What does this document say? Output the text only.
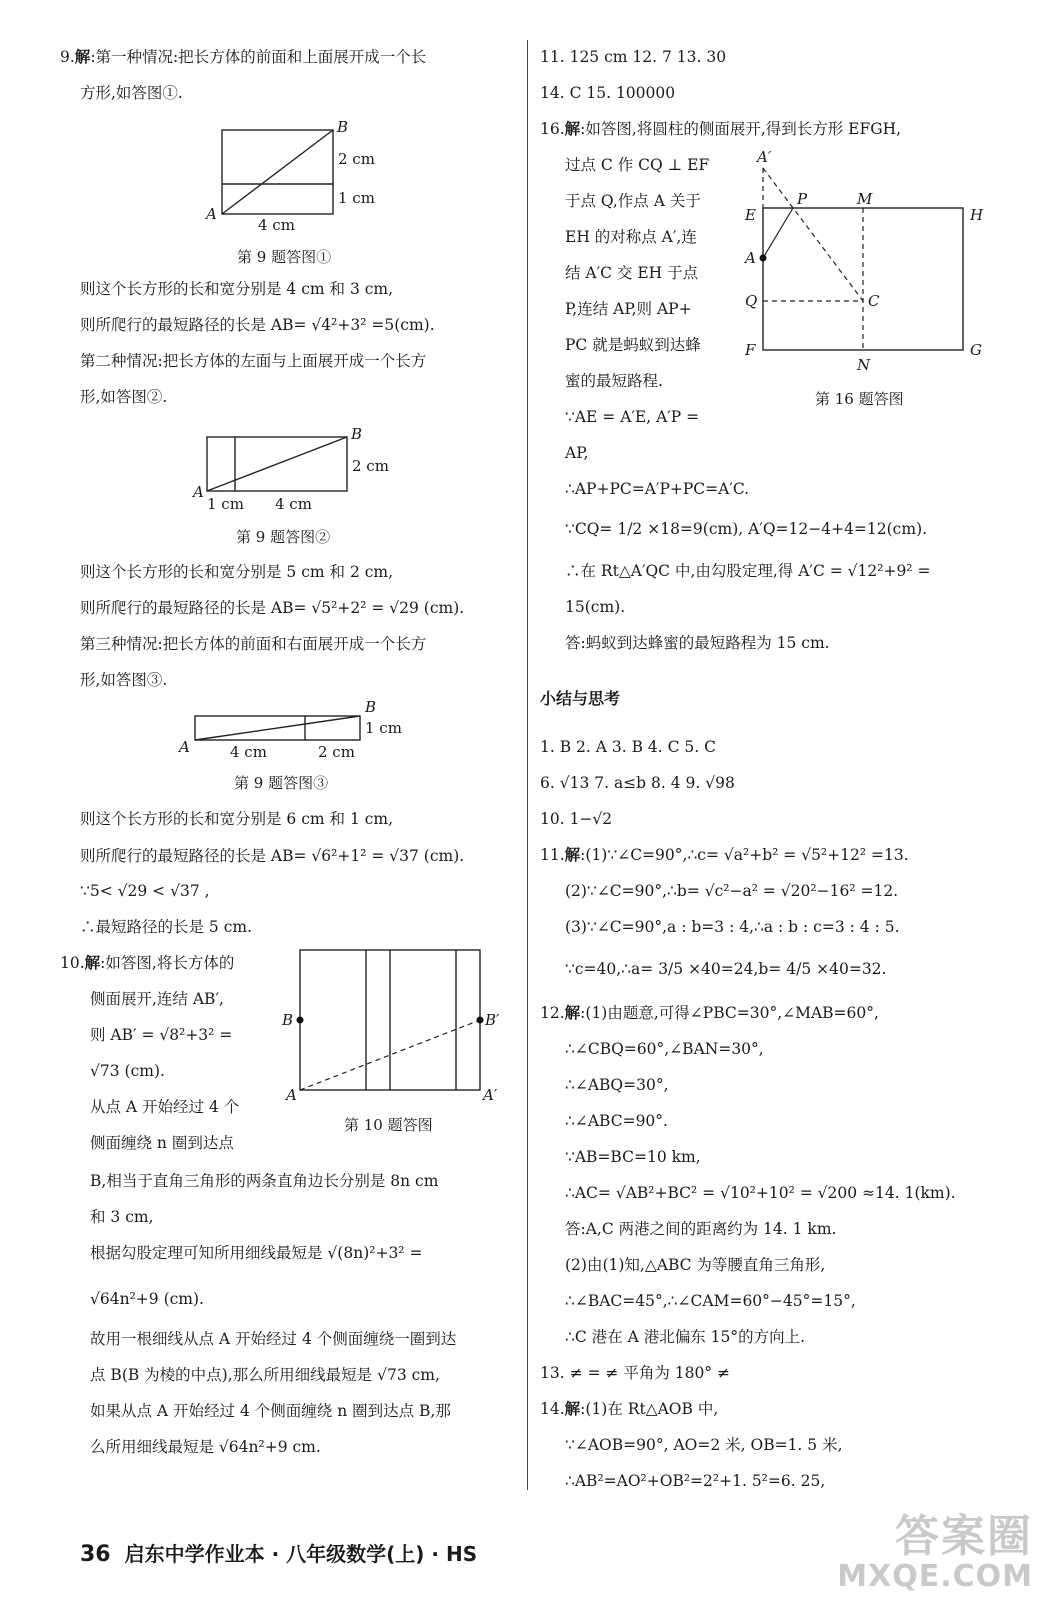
9.解:第一种情况:把长方体的前面和上面展开成一个长
方形,如答图①.
B
A
2 cm
1 cm
4 cm
第 9 题答图①
则这个长方形的长和宽分别是 4 cm 和 3 cm,
则所爬行的最短路径的长是 AB= √4²+3² =5(cm).
第二种情况:把长方体的左面与上面展开成一个长方
形,如答图②.
B
A
2 cm
1 cm 4 cm
第 9 题答图②
则这个长方形的长和宽分别是 5 cm 和 2 cm,
则所爬行的最短路径的长是 AB= √5²+2² = √29 (cm).
第三种情况:把长方体的前面和右面展开成一个长方
形,如答图③.
B
A
1 cm
4 cm	2 cm
第 9 题答图③
则这个长方形的长和宽分别是 6 cm 和 1 cm,
则所爬行的最短路径的长是 AB= √6²+1² = √37 (cm).
∵5< √29 < √37 ,
∴最短路径的长是 5 cm.
10.解:如答图,将长方体的
侧面展开,连结 AB′,
则 AB′ = √8²+3² =
√73 (cm).
从点 A 开始经过 4 个
侧面缠绕 n 圈到达点
B	B′
A	A′
第 10 题答图
B,相当于直角三角形的两条直角边长分别是 8n cm
和 3 cm,
根据勾股定理可知所用细线最短是 √(8n)²+3² =
√64n²+9 (cm).
故用一根细线从点 A 开始经过 4 个侧面缠绕一圈到达
点 B(B 为棱的中点),那么所用细线最短是 √73 cm,
如果从点 A 开始经过 4 个侧面缠绕 n 圈到达点 B,那
么所用细线最短是 √64n²+9 cm.
11. 125 cm 12. 7 13. 30
14. C 15. 100000
16.解:如答图,将圆柱的侧面展开,得到长方形 EFGH,
过点 C 作 CQ ⊥ EF
于点 Q,作点 A 关于
EH 的对称点 A′,连
结 A′C 交 EH 于点
P,连结 AP,则 AP+
PC 就是蚂蚁到达蜂
蜜的最短路程.
∵AE = A′E, A′P =
AP,
A′
P	M
E	H
A
Q	C
F
N
G
第 16 题答图
∴AP+PC=A′P+PC=A′C.
∵CQ= 1/2 ×18=9(cm), A′Q=12−4+4=12(cm).
∴在 Rt△A′QC 中,由勾股定理,得 A′C = √12²+9² =
15(cm).
答:蚂蚁到达蜂蜜的最短路程为 15 cm.
小结与思考
1. B 2. A 3. B 4. C 5. C
6. √13 7. a≤b 8. 4 9. √98
10. 1−√2
11.解:(1)∵∠C=90°,∴c= √a²+b² = √5²+12² =13.
(2)∵∠C=90°,∴b= √c²−a² = √20²−16² =12.
(3)∵∠C=90°,a : b=3 : 4,∴a : b : c=3 : 4 : 5.
∵c=40,∴a= 3/5 ×40=24,b= 4/5 ×40=32.
12.解:(1)由题意,可得∠PBC=30°,∠MAB=60°,
∴∠CBQ=60°,∠BAN=30°,
∴∠ABQ=30°,
∴∠ABC=90°.
∵AB=BC=10 km,
∴AC= √AB²+BC² = √10²+10² = √200 ≈14. 1(km).
答:A,C 两港之间的距离约为 14. 1 km.
(2)由(1)知,△ABC 为等腰直角三角形,
∴∠BAC=45°,∴∠CAM=60°−45°=15°,
∴C 港在 A 港北偏东 15°的方向上.
13. ≠ = ≠ 平角为 180° ≠
14.解:(1)在 Rt△AOB 中,
∵∠AOB=90°, AO=2 米, OB=1. 5 米,
∴AB²=AO²+OB²=2²+1. 5²=6. 25,
36 启东中学作业本 · 八年级数学(上) · HS	答案圈
MXQE.COM
